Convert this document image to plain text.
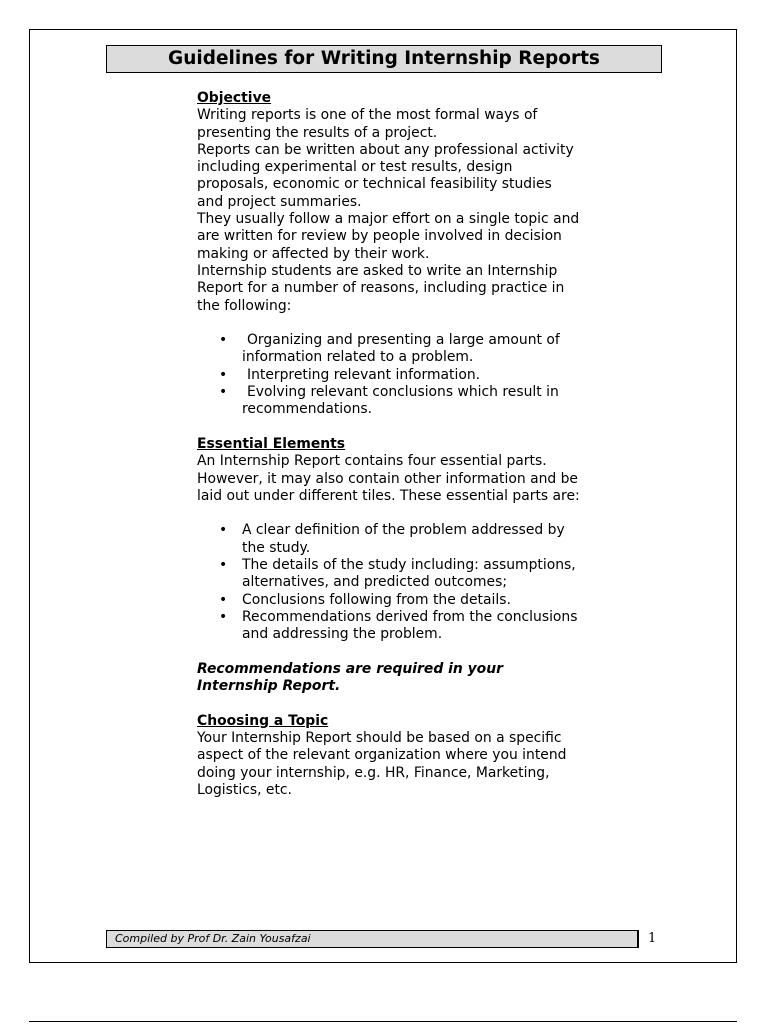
Guidelines for Writing Internship Reports

Objective

Writing reports is one of the most formal ways of presenting the results of a project.

Reports can be written about any professional activity including experimental or test results, design proposals, economic or technical feasibility studies and project summaries.

They usually follow a major effort on a single topic and are written for review by people involved in decision making or affected by their work.

Internship students are asked to write an Internship Report for a number of reasons, including practice in the following:

•	Organizing and presenting a large amount of information related to a problem.
•	Interpreting relevant information.
•	Evolving relevant conclusions which result in recommendations.

Essential Elements

An Internship Report contains four essential parts. However, it may also contain other information and be laid out under different tiles. These essential parts are:

• A clear definition of the problem addressed by the study.
• The details of the study including: assumptions, alternatives, and predicted outcomes;
• Conclusions following from the details.
• Recommendations derived from the conclusions and addressing the problem.

Recommendations are required in your Internship Report.

Choosing a Topic

Your Internship Report should be based on a specific aspect of the relevant organization where you intend doing your internship, e.g. HR, Finance, Marketing, Logistics, etc.

Compiled by Prof Dr. Zain Yousafzai	1
